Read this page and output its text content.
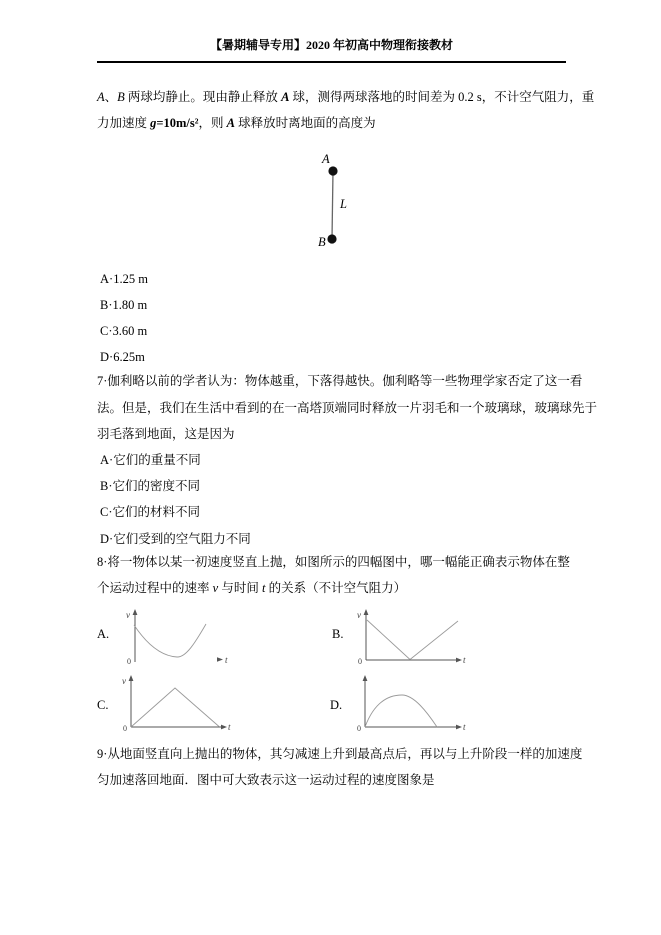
【暑期辅导专用】2020 年初高中物理衔接教材
A、B 两球均静止。现由静止释放 A 球，测得两球落地的时间差为 0.2 s，不计空气阻力，重
力加速度 g=10m/s²，则 A 球释放时离地面的高度为
A
L
B
A·1.25 m
B·1.80 m
C·3.60 m
D·6.25m
7·伽利略以前的学者认为：物体越重，下落得越快。伽利略等一些物理学家否定了这一看
法。但是，我们在生活中看到的在一高塔顶端同时释放一片羽毛和一个玻璃球，玻璃球先于
羽毛落到地面，这是因为
A·它们的重量不同
B·它们的密度不同
C·它们的材料不同
D·它们受到的空气阻力不同
8·将一物体以某一初速度竖直上抛，如图所示的四幅图中，哪一幅能正确表示物体在整
个运动过程中的速率 v 与时间 t 的关系（不计空气阻力）
A.	B.
C.	D.
v
0	t
v
t
0
v
t
0	t
0
9·从地面竖直向上抛出的物体，其匀减速上升到最高点后，再以与上升阶段一样的加速度
匀加速落回地面．图中可大致表示这一运动过程的速度图象是
